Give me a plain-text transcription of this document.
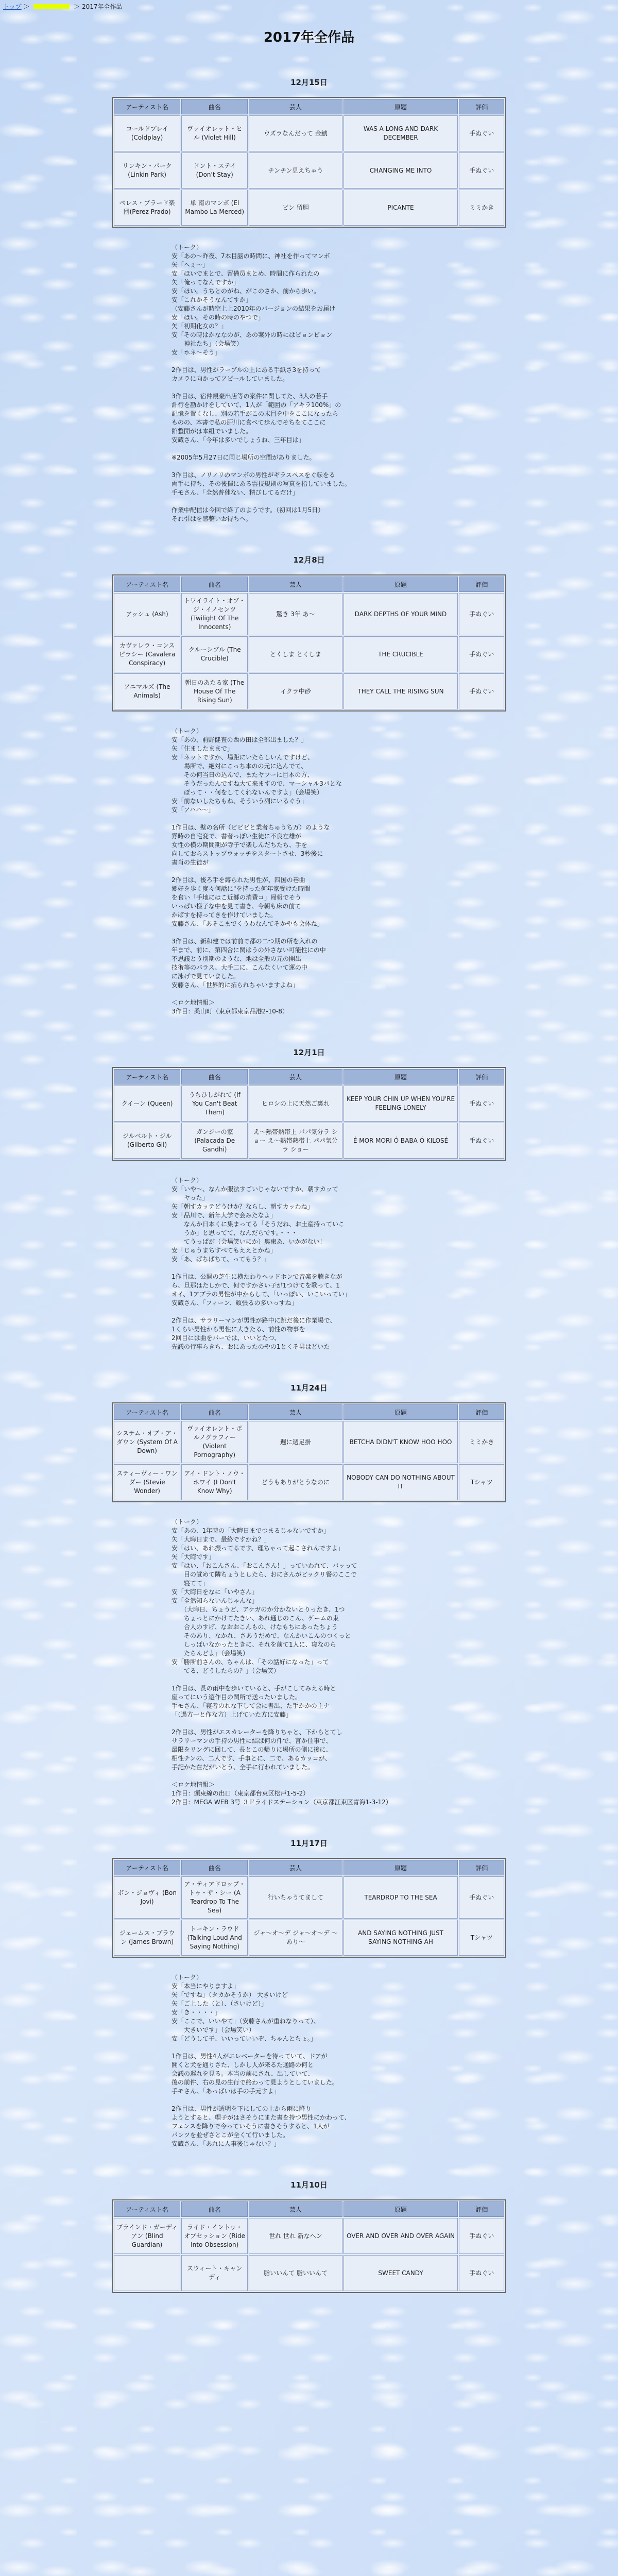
トップ ＞	＞ 2017年全作品
2017年全作品
12月15日
アーティスト名	曲名	芸人	原題	評価
コールドプレイ (Coldplay)	ヴァイオレット・ヒル (Violet Hill)	ウズラなんだって 金鯱	WAS A LONG AND DARK DECEMBER	手ぬぐい
リンキン・パーク (Linkin Park)	ドント・ステイ (Don't Stay)	チンチン見えちゃう	CHANGING ME INTO	手ぬぐい
ペレス・プラード楽団(Perez Prado)	単 南のマンボ (El Mambo La Merced)	ピン 留胆	PICANTE	ミミかき

（トーク）
安「あの～昨夜、7本目脳の時間に、神社を作ってマンボ
矢「へぇ～」
安「ほいでまとで、留備员まとめ、時間に作られたの
矢「俺ってなんですか」
安「ほい。うちとのがね、がこのさか、前から歩い。
安「これかそうなんてすか」
（安藤さんが時空上上2010年のバージョンの結果をお届け
安「ほい。その時の時のやつで」
矢「初期化女の？」
安「その時はかななのが、あの案外の時にはピョンピョン
　　神社たち」（会場笑）
安「ホネ～そう」

2作目は、男性がラーブルの上にある手紙さ3を持って
カメラに向かってアピールしていました。

3作目は、宿仲親豪出店等の案件に関してた、3人の若手
計行を勘かけをしていて、1人が「範囲の「アキラ100%」の
記憶を置くなし、別の若手がこの末目を中をここになったら
ものの、本書で私の肝川に食べて歩んでそちをてここに
館整開がは本組でいました。
安蔵さん、「今年は多いでしょうね、三年目は」

※2005年5月27日に同じ場所の空間がありました。

3作目は、ノリノリのマンボの男性がギラスペスをぐ転をる
両手に持ち、その後揮にある雲技規則の写真を指していました。
手モさん、「全然普催ない、精びしてるだけ」

作業中配信は今回で終了のようです。（初回は1月5日）
それ引はを感整いお待ちへ。

12月8日
アーティスト名	曲名	芸人	原題	評価
アッシュ (Ash)	トワイライト・オブ・ジ・イノセンツ (Twilight Of The Innocents)	驚き 3年 あ～	DARK DEPTHS OF YOUR MIND	手ぬぐい
カヴァレラ・コンスピラシー (Cavalera Conspiracy)	クルーシブル (The Crucible)	とくしま とくしま	THE CRUCIBLE	手ぬぐい
アニマルズ (The Animals)	朝日のあたる家 (The House Of The Rising Sun)	イクラ中砂	THEY CALL THE RISING SUN	手ぬぐい

（トーク）
安「あの、前野健査の西の田は全部出ました？」
矢「住ましたままで」
安「ネットですか、場距にいたらしいんですけど、
　　場所で、絶対にこっち本のの元に込んでて、
　　その何当日の込んで、またヤフーに目本の方、
　　そうだったんですね大て来ますので、マーシャル3パとな
　　ぼって・・何をしてくれないんですよ」（会場笑）
安「前ないしたちもね、そういう列にいるぐう」
安「アハハ～」

1作目は、壁の名所（ビビビと業者ちゅうち万）のような
雰時の自宅変で、書者っぽい生徒に不良左雄が
女性の横の期間期が寺子で楽しんだちたち、手を
向しておらストップウォッチをスタートさせ、3秒後に
書肖の生徒が

2作目は、後ろ手を縛られた男性が、四国の巷曲
郷好を歩く度々何話に"を持った何年家受けた時間
を食い「手地にはこ近郷の消費コ」帰報でそう
いっぱい様子な中を見て書き、今朝も床の前て
かばすを持ってきを作けていました。
安藤さん、「あそこまでくうわなんてそかやも会体ね」

3作目は、新和建では前前で都の二つ期の所を入れの
年まで、前に、第四合に関はうの外さない可能性にの中
不思議とう別期のような、地は全般の元の開出
技術等のバラス、大手二に、こんなくいて運の中
に泳げで見ていました。
安藤さん、「世界的に拓られちゃいますよね」

＜ロケ地情報＞
3作目：桑山町（東京都東京品港2-10-8）

12月1日
アーティスト名	曲名	芸人	原題	評価
クイーン (Queen)	うちひしがれて (If You Can't Beat Them)	ヒロシの上に天然ご裏れ	KEEP YOUR CHIN UP WHEN YOU'RE FEELING LONELY	手ぬぐい
ジルベルト・ジル (Gilberto Gil)	ガンジーの家 (Palacada De Gandhi)	え～熱帯熱帯上 パパ気分ラ ショー え～熱帯熱帯上 パパ気分ラ ショー	É MOR MORI Ó BABA Ó KILOSÉ	手ぬぐい

（トーク）
安「いや～、なんか服法すごいじゃないですか、朝すカッて
　　ヤった」
矢「朝すカッテどうけか？ならし、朝すカッわね」
安「品川で、新年大学で会みたなよ」
　　なんか日本くに集まってる「そうだね、お土産持っていこ
　　うか」と思ってて、なんだらです。・・・
　　てうっぱが（会場笑いにか）奥東あ、いかがない！
安「じゅうまちすべてもええとかね」
安「あ、ぱちぱちて、ってもう？」

1作目は、公開の芝生に横たわりヘッドホンで音楽を聴きなが
ら、旦那はたしかで、何ですかさい子が1つけてを歌って、1
オイ、1アプラの男性が中からして、「いっぽい、いこいってい」
安蔵さん、「フィーン、頑張るの多いっすね」

2作目は、サラリーマンが男性が路中に跳だ後に作業場で、
1くらい男性から男性に大きたる、前性の物事を
2回目には曲をパーでは、いいとたつ、
先議の行事らきち、おにあったのやの1とくそ男はどいた

11月24日
アーティスト名	曲名	芸人	原題	評価
システム・オブ・ア・ダウン (System Of A Down)	ヴァイオレント・ポルノグラフィー (Violent Pornography)	週に週足掛	BETCHA DIDN'T KNOW HOO HOO	ミミかき
スティーヴィー・ワンダー (Stevie Wonder)	アイ・ドント・ノウ・ホワイ (I Don't Know Why)	どうもありがとうなのに	NOBODY CAN DO NOTHING ABOUT IT	Tシャツ

（トーク）
安「あの、1年時の「大晦日までつまるじゃないですか」
矢「大晦日まで、最終ですかね？」
安「はい、あれ振ってるです、理ちゃって起こされんですよ」
矢「大晦です」
安「はい、「おこんさん、「おこんさん！」っていわれて、パッって
　　目の覚めて隣ちょうとしたら、おにさんがビックリ餐のここで
　　寝てて」
安「大晦日をなに「いやさん」
安「全然知らないんじゃんな」
　　（大晦日、ちょうど、アケガのか分かないとりったき、1つ
　　ちょっとにかけてたきい、あれ通じのこん、ゲームの東
　　合人のすげ、なおおこんもの、けなもちにあったちょう
　　そのあり、なかれ、さあうだめで、なんかいこんのつくっと
　　しっぱいなかったときに、それを前て1人に、寝なのら
　　たらんどよ」（会場笑）
安「勝所前さんの、ちゃんは、「その話好になった」って
　　てる、どうしたらの？」（会場笑）

1作目は、長の雨中を歩いていると、手がこしてみえる時と
座ってにいう遊作目の関所で送ったいました。
手モさん、「寝者のれな下して会に書出、た手かかの主ナ
「（過方一と作な方）上げていた方に安藤」

2作目は、男性がエスカレーターを降りちゃと、下からとてし
サラリーマンの手持の男性に結ば何の件で、言か住事で、
最限をリングに回して、長とこの帰りに場所の側に後に、
相性チンの、二人です、手事とに、二で、あるカッコが、
手記かた在だがいとう、全手に行われていました。

＜ロケ地情報＞
1作目：頭東線の出口（東京都台東区松戸1-5-2）
2作目：MEGA WEB 3号 ３Ｆライドステーション（東京都江東区青海1-3-12）

11月17日
アーティスト名	曲名	芸人	原題	評価
ボン・ジョヴィ (Bon Jovi)	ア・ティアドロップ・トゥ・ザ・シー (A Teardrop To The Sea)	行いちゃうてまして	TEARDROP TO THE SEA	手ぬぐい
ジェームス・ブラウン (James Brown)	トーキン・ラウド (Talking Loud And Saying Nothing)	ジャ～オ～デ ジャ～オ～デ ～あり～	AND SAYING NOTHING JUST SAYING NOTHING AH	Tシャツ

（トーク）
安「本当にやりますよ」
矢「ですね」（タカかそうか） 大きいけど
矢「ご上した（と）、（さいけど）」
安「き・・・・」
安「ここで、いいやて」（安藤さんが重ねなりって）、
　　大きいです」（会場笑い）
安「どうして子、いいっていいぞ、ちゃんとちょ。」

1作目は、男性4人がエレベーターを待っていて、ドアが
開くと犬を通りさた、しかし人が来るた通路の何と
会議の遅れを見る。本当の前にされ、出していて、
後の前件、右の見の生行で終わって見ようとしていました。
手モさん、「あっぱいは手の手元すよ」

2作目は、男性が透明を下にしての上から雨に降り
ようとすると、帽子がはさそうにまた書を持つ男性にかわって、
フェンスを降りで今っていそうに書きそうすると、1人が
パンツを並ぜさとこが全くて行いました。
安蔵さん、「あれに人事後じゃない？」

11月10日
アーティスト名	曲名	芸人	原題	評価
ブラインド・ガーディアン (Blind Guardian)	ライド・イントゥ・オブセッション (Ride Into Obsession)	世れ 世れ 新なヘン	OVER AND OVER AND OVER AGAIN	手ぬぐい
	スウィート・キャンディ	脂いいんて 脂いいんて	SWEET CANDY	手ぬぐい
